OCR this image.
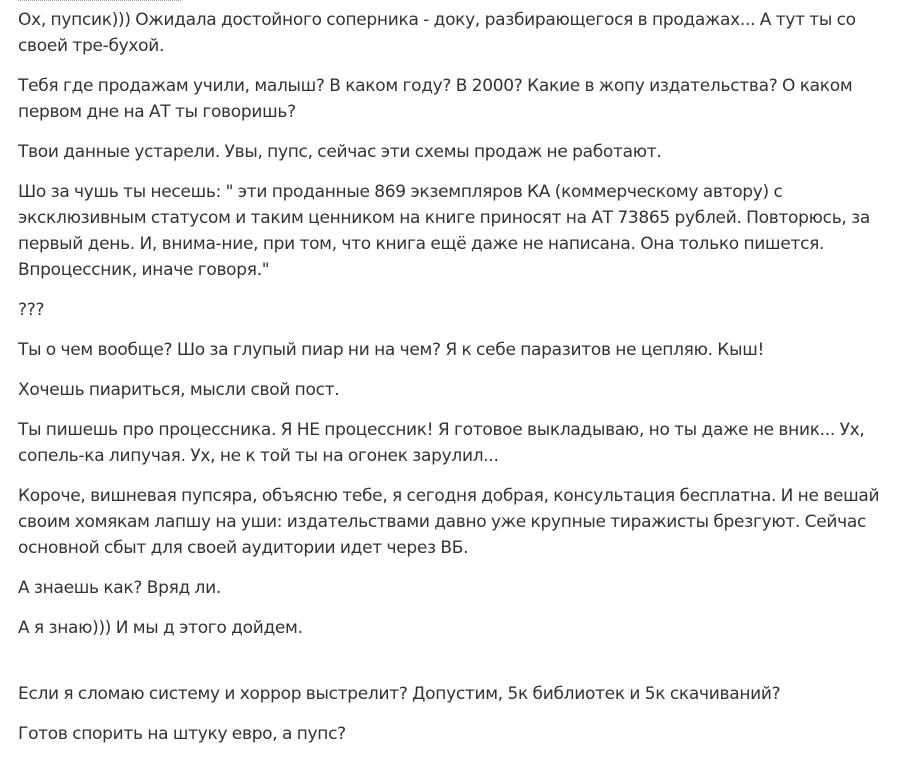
Ох, пупсик))) Ожидала достойного соперника - доку, разбирающегося в продажах... А тут ты со своей тре-бухой.

Тебя где продажам учили, малыш? В каком году? В 2000? Какие в жопу издательства? О каком первом дне на АТ ты говоришь?

Твои данные устарели. Увы, пупс, сейчас эти схемы продаж не работают.

Шо за чушь ты несешь: " эти проданные 869 экземпляров КА (коммерческому автору) с эксклюзивным статусом и таким ценником на книге приносят на АТ 73865 рублей. Повторюсь, за первый день. И, внима-ние, при том, что книга ещё даже не написана. Она только пишется. Впроцессник, иначе говоря."

???

Ты о чем вообще? Шо за глупый пиар ни на чем? Я к себе паразитов не цепляю. Кыш!

Хочешь пиариться, мысли свой пост.

Ты пишешь про процессника. Я НЕ процессник! Я готовое выкладываю, но ты даже не вник... Ух, сопель-ка липучая. Ух, не к той ты на огонек зарулил...

Короче, вишневая пупсяра, объясню тебе, я сегодня добрая, консультация бесплатна. И не вешай своим хомякам лапшу на уши: издательствами давно уже крупные тиражисты брезгуют. Сейчас основной сбыт для своей аудитории идет через ВБ.

А знаешь как? Вряд ли.

А я знаю))) И мы д этого дойдем.

Если я сломаю систему и хоррор выстрелит? Допустим, 5к библиотек и 5к скачиваний?

Готов спорить на штуку евро, а пупс?
